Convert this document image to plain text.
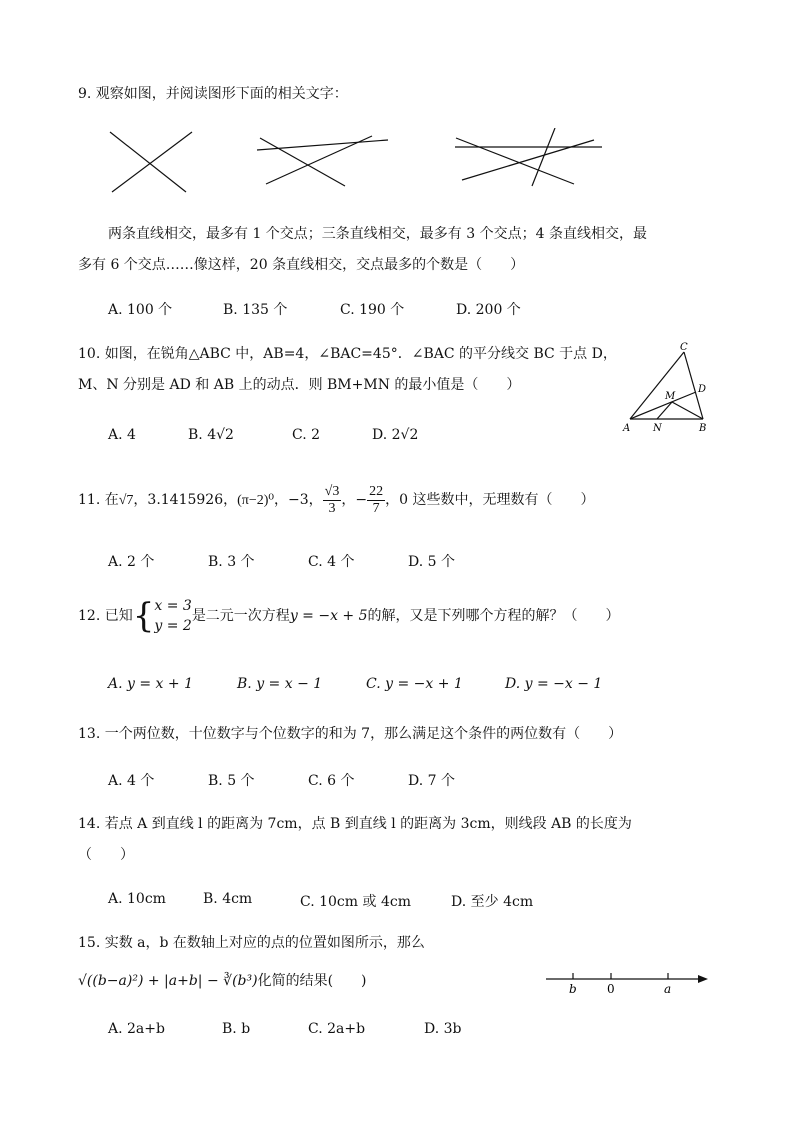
9. 观察如图，并阅读图形下面的相关文字：
两条直线相交，最多有 1 个交点；三条直线相交，最多有 3 个交点；4 条直线相交，最
多有 6 个交点……像这样，20 条直线相交，交点最多的个数是（　　）
A. 100 个	B. 135 个	C. 190 个	D. 200 个
10. 如图，在锐角△ABC 中，AB=4，∠BAC=45°．∠BAC 的平分线交 BC 于点 D，
M、N 分别是 AD 和 AB 上的动点．则 BM+MN 的最小值是（　　）
A. 4	B. 4√2	C. 2	D. 2√2
C
D
M
A N	B
11. 在√7，3.1415926，(π−2)⁰，−3， $\frac{√3}{3}$ ，− $\frac{22}{7}$ ，0 这些数中，无理数有（　　）
A. 2 个	B. 3 个	C. 4 个	D. 5 个
12. 已知{ x = 3
y = 2
是二元一次方程y = −x + 5的解，又是下列哪个方程的解？（　　）
A. y = x + 1	B. y = x − 1	C. y = −x + 1	D. y = −x − 1
13. 一个两位数，十位数字与个位数字的和为 7，那么满足这个条件的两位数有（　　）
A. 4 个	B. 5 个	C. 6 个	D. 7 个
14. 若点 A 到直线 l 的距离为 7cm，点 B 到直线 l 的距离为 3cm，则线段 AB 的长度为
（　　）
A. 10cm	B. 4cm	C. 10cm 或 4cm	D. 至少 4cm
15. 实数 a，b 在数轴上对应的点的位置如图所示，那么
√((b−a)²) + |a+b| − ∛(b³)化简的结果(　　)	b	0	a
A. 2a+b	B. b	C. 2a+b	D. 3b
